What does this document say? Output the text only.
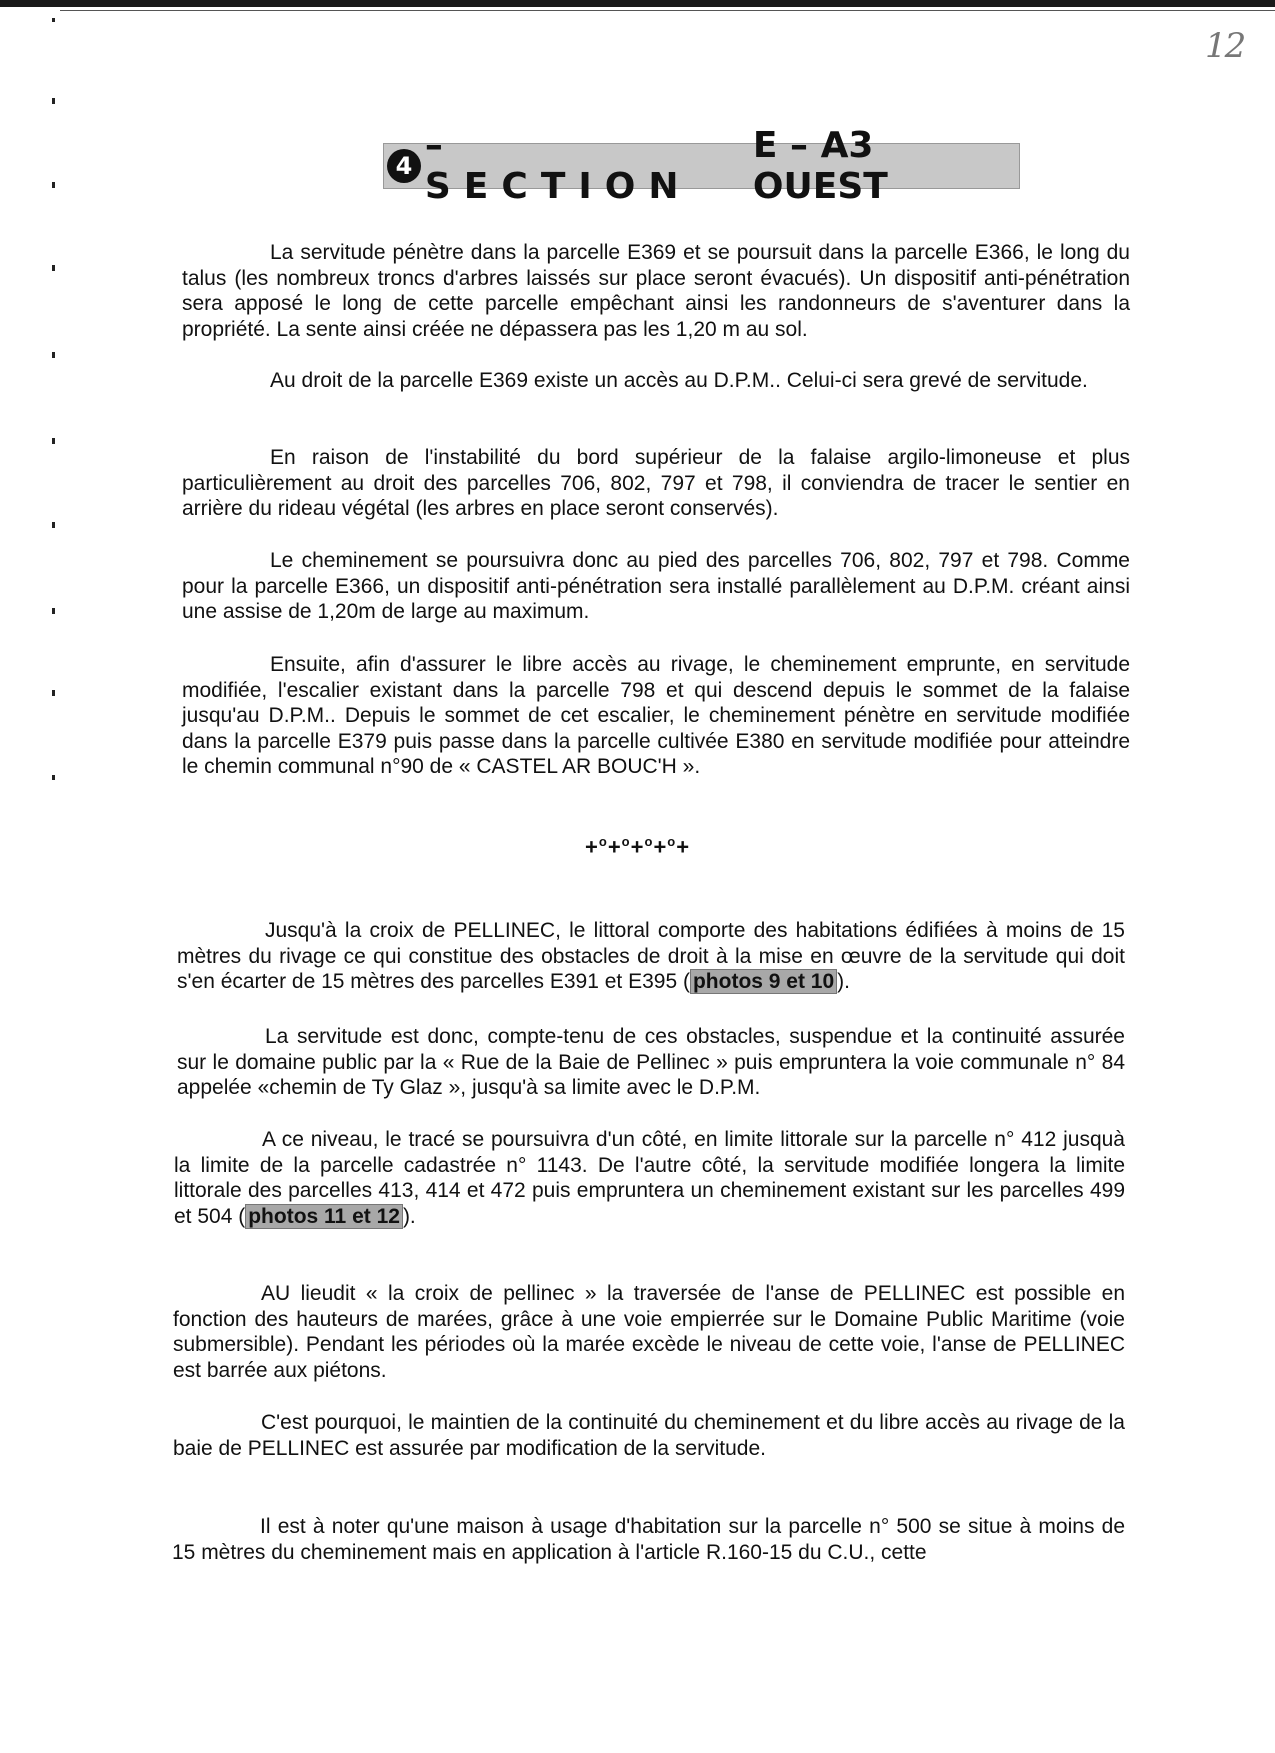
12
4 – SECTION
E – A3 OUEST

La servitude pénètre dans la parcelle E369 et se poursuit dans la parcelle E366, le long du talus (les nombreux troncs d'arbres laissés sur place seront évacués). Un dispositif anti-pénétration sera apposé le long de cette parcelle empêchant ainsi les randonneurs de s'aventurer dans la propriété. La sente ainsi créée ne dépassera pas les 1,20 m au sol.

Au droit de la parcelle E369 existe un accès au D.P.M.. Celui-ci sera grevé de servitude.

En raison de l'instabilité du bord supérieur de la falaise argilo-limoneuse et plus particulièrement au droit des parcelles 706, 802, 797 et 798, il conviendra de tracer le sentier en arrière du rideau végétal (les arbres en place seront conservés).

Le cheminement se poursuivra donc au pied des parcelles 706, 802, 797 et 798. Comme pour la parcelle E366, un dispositif anti-pénétration sera installé parallèlement au D.P.M. créant ainsi une assise de 1,20m de large au maximum.

Ensuite, afin d'assurer le libre accès au rivage, le cheminement emprunte, en servitude modifiée, l'escalier existant dans la parcelle 798 et qui descend depuis le sommet de la falaise jusqu'au D.P.M.. Depuis le sommet de cet escalier, le cheminement pénètre en servitude modifiée dans la parcelle E379 puis passe dans la parcelle cultivée E380 en servitude modifiée pour atteindre le chemin communal n°90 de « CASTEL AR BOUC'H ».

+$^o$+$^o$+$^o$+$^o$+

Jusqu'à la croix de PELLINEC, le littoral comporte des habitations édifiées à moins de 15 mètres du rivage ce qui constitue des obstacles de droit à la mise en œuvre de la servitude qui doit s'en écarter de 15 mètres des parcelles E391 et E395 ( photos 9 et 10 ).

La servitude est donc, compte-tenu de ces obstacles, suspendue et la continuité assurée sur le domaine public par la « Rue de la Baie de Pellinec » puis empruntera la voie communale n° 84 appelée «chemin de Ty Glaz », jusqu'à sa limite avec le D.P.M.

A ce niveau, le tracé se poursuivra d'un côté, en limite littorale sur la parcelle n° 412 jusquà la limite de la parcelle cadastrée n° 1143. De l'autre côté, la servitude modifiée longera la limite littorale des parcelles 413, 414 et 472 puis empruntera un cheminement existant sur les parcelles 499 et 504 ( photos 11 et 12 ).

AU lieudit « la croix de pellinec » la traversée de l'anse de PELLINEC est possible en fonction des hauteurs de marées, grâce à une voie empierrée sur le Domaine Public Maritime (voie submersible). Pendant les périodes où la marée excède le niveau de cette voie, l'anse de PELLINEC est barrée aux piétons.

C'est pourquoi, le maintien de la continuité du cheminement et du libre accès au rivage de la baie de PELLINEC est assurée par modification de la servitude.

Il est à noter qu'une maison à usage d'habitation sur la parcelle n° 500 se situe à moins de 15 mètres du cheminement mais en application à l'article R.160-15 du C.U., cette
